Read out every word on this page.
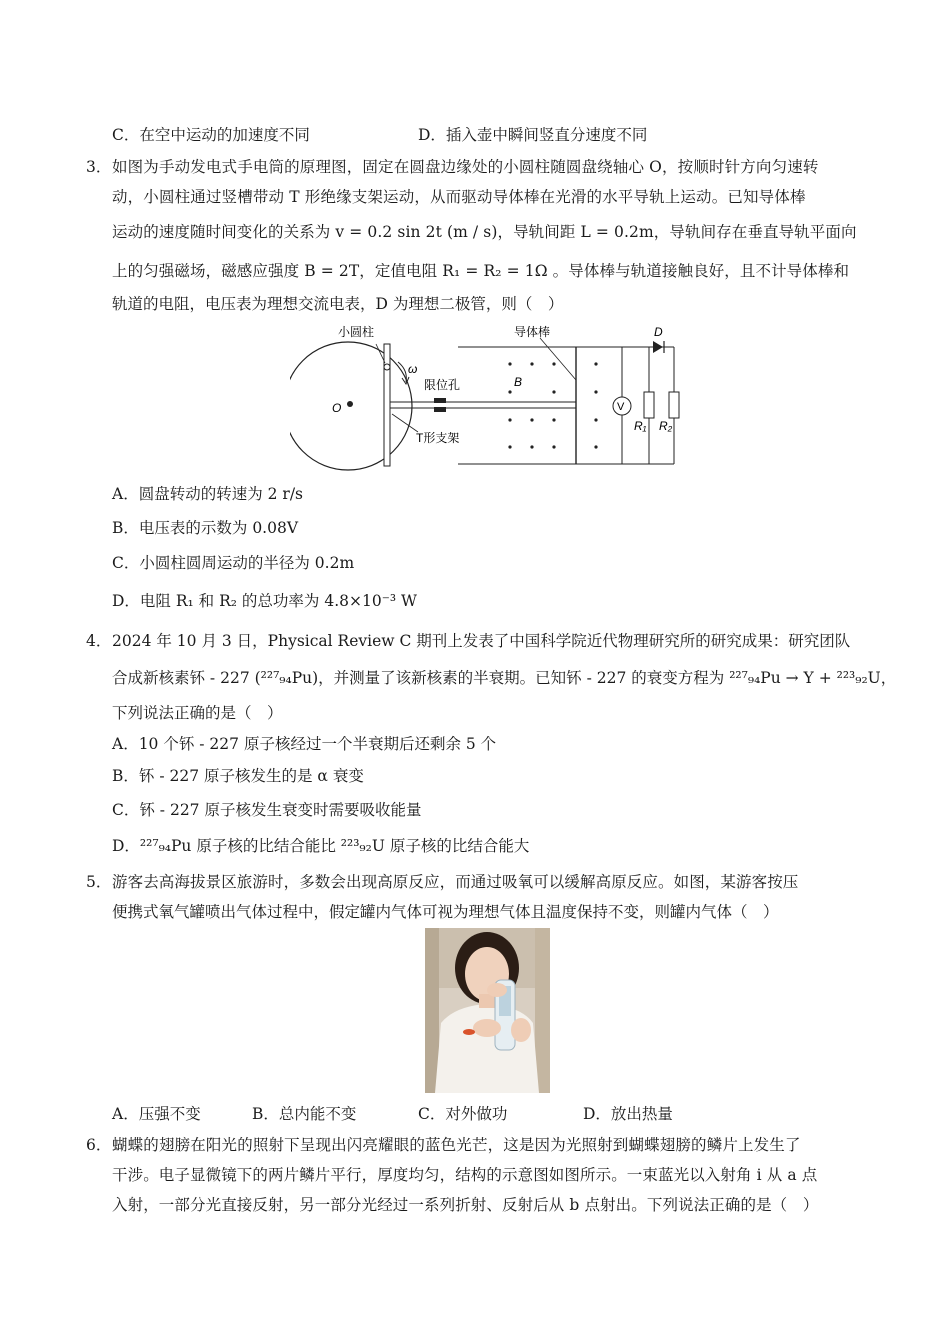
C．在空中运动的加速度不同	D．插入壶中瞬间竖直分速度不同
3． 如图为手动发电式手电筒的原理图，固定在圆盘边缘处的小圆柱随圆盘绕轴心 O，按顺时针方向匀速转
动，小圆柱通过竖槽带动 T 形绝缘支架运动，从而驱动导体棒在光滑的水平导轨上运动。已知导体棒
运动的速度随时间变化的关系为 v = 0.2 sin 2t (m / s)，导轨间距 L = 0.2m，导轨间存在垂直导轨平面向
上的匀强磁场，磁感应强度 B = 2T，定值电阻 R₁ = R₂ = 1Ω 。导体棒与轨道接触良好，且不计导体棒和
轨道的电阻，电压表为理想交流电表，D 为理想二极管，则（　）
O
小圆柱
ω
限位孔
T形支架
导体棒
B
V
R₁ R₂
D
A．圆盘转动的转速为 2 r/s
B．电压表的示数为 0.08V
C．小圆柱圆周运动的半径为 0.2m
D．电阻 R₁ 和 R₂ 的总功率为 4.8×10⁻³ W
4． 2024 年 10 月 3 日，Physical Review C 期刊上发表了中国科学院近代物理研究所的研究成果：研究团队
合成新核素钚 - 227 (²²⁷₉₄Pu)，并测量了该新核素的半衰期。已知钚 - 227 的衰变方程为 ²²⁷₉₄Pu → Y + ²²³₉₂U，
下列说法正确的是（　）
A．10 个钚 - 227 原子核经过一个半衰期后还剩余 5 个
B．钚 - 227 原子核发生的是 α 衰变
C．钚 - 227 原子核发生衰变时需要吸收能量
D．²²⁷₉₄Pu 原子核的比结合能比 ²²³₉₂U 原子核的比结合能大
5． 游客去高海拔景区旅游时，多数会出现高原反应，而通过吸氧可以缓解高原反应。如图，某游客按压
便携式氧气罐喷出气体过程中，假定罐内气体可视为理想气体且温度保持不变，则罐内气体（　）
A．压强不变	B．总内能不变	C．对外做功	D．放出热量
6． 蝴蝶的翅膀在阳光的照射下呈现出闪亮耀眼的蓝色光芒，这是因为光照射到蝴蝶翅膀的鳞片上发生了
干涉。电子显微镜下的两片鳞片平行，厚度均匀，结构的示意图如图所示。一束蓝光以入射角 i 从 a 点
入射，一部分光直接反射，另一部分光经过一系列折射、反射后从 b 点射出。下列说法正确的是（　）
